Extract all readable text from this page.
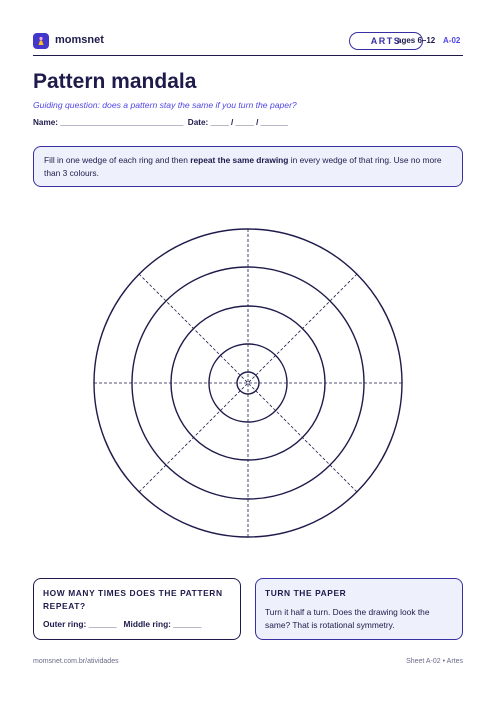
momsnet	ARTS
ages 6–12 A-02
Pattern mandala

Guiding question: does a pattern stay the same if you turn the paper?

Name: ___________________________  Date: ____ / ____ / ______

Fill in one wedge of each ring and then repeat the same drawing in every wedge of that ring. Use no more than 3 colours.
HOW MANY TIMES DOES THE PATTERN REPEAT?
Outer ring: ______   Middle ring: ______
TURN THE PAPER
Turn it half a turn. Does the drawing look the same? That is rotational symmetry.
momsnet.com.br/atividades	Sheet A-02 • Artes
